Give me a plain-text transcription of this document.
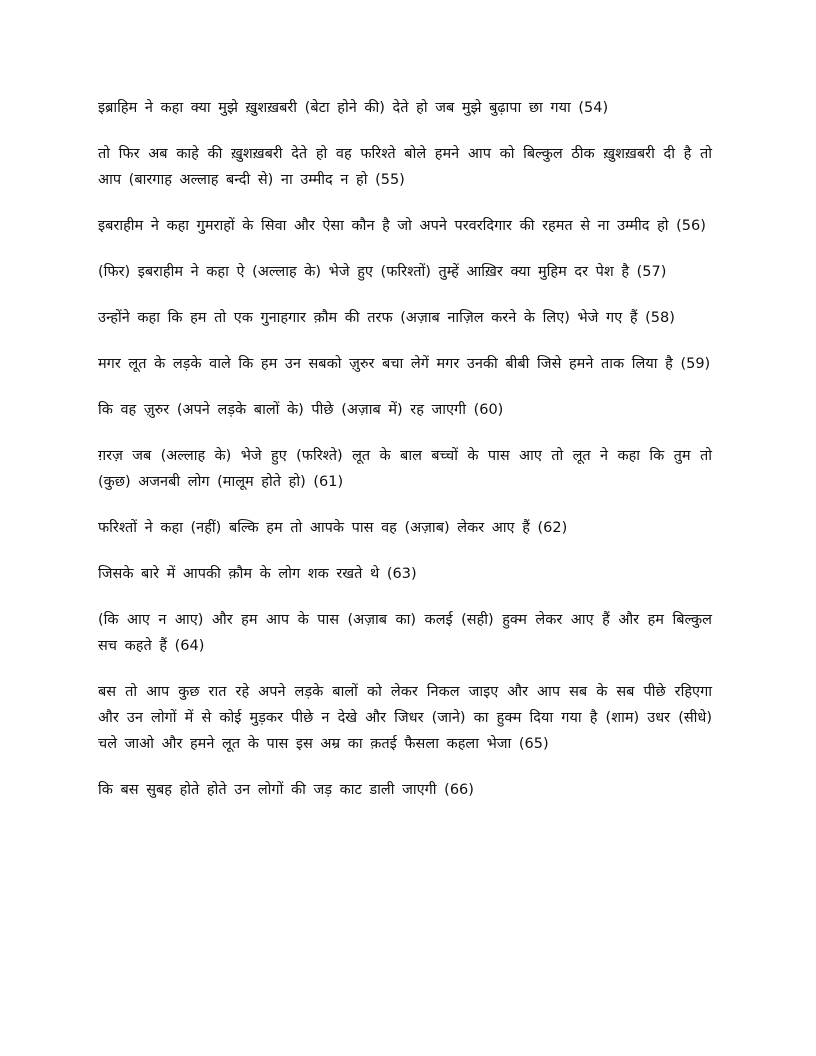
इब्राहिम ने कहा क्या मुझे ख़ुशख़बरी (बेटा होने की) देते हो जब मुझे बुढ़ापा छा गया (54)

तो फिर अब काहे की ख़ुशख़बरी देते हो वह फरिश्ते बोले हमने आप को बिल्कुल ठीक ख़ुशख़बरी दी है तो आप (बारगाह अल्लाह बन्दी से) ना उम्मीद न हो (55)

इबराहीम ने कहा गुमराहों के सिवा और ऐसा कौन है जो अपने परवरदिगार की रहमत से ना उम्मीद हो (56)

(फिर) इबराहीम ने कहा ऐ (अल्लाह के) भेजे हुए (फरिश्तों) तुम्हें आख़िर क्या मुहिम दर पेश है (57)

उन्होंने कहा कि हम तो एक गुनाहगार क़ौम की तरफ (अज़ाब नाज़िल करने के लिए) भेजे गए हैं (58)

मगर लूत के लड़के वाले कि हम उन सबको ज़ुरुर बचा लेगें मगर उनकी बीबी जिसे हमने ताक लिया है (59)

कि वह ज़ुरुर (अपने लड़के बालों के) पीछे (अज़ाब में) रह जाएगी (60)

ग़रज़ जब (अल्लाह के) भेजे हुए (फरिश्ते) लूत के बाल बच्चों के पास आए तो लूत ने कहा कि तुम तो (कुछ) अजनबी लोग (मालूम होते हो) (61)

फरिश्तों ने कहा (नहीं) बल्कि हम तो आपके पास वह (अज़ाब) लेकर आए हैं (62)

जिसके बारे में आपकी क़ौम के लोग शक रखते थे (63)

(कि आए न आए) और हम आप के पास (अज़ाब का) कलई (सही) हुक्म लेकर आए हैं और हम बिल्कुल सच कहते हैं (64)

बस तो आप कुछ रात रहे अपने लड़के बालों को लेकर निकल जाइए और आप सब के सब पीछे रहिएगा और उन लोगों में से कोई मुड़कर पीछे न देखे और जिधर (जाने) का हुक्म दिया गया है (शाम) उधर (सीधे) चले जाओ और हमने लूत के पास इस अम्र का क़तई फैसला कहला भेजा (65)

कि बस सुबह होते होते उन लोगों की जड़ काट डाली जाएगी (66)
